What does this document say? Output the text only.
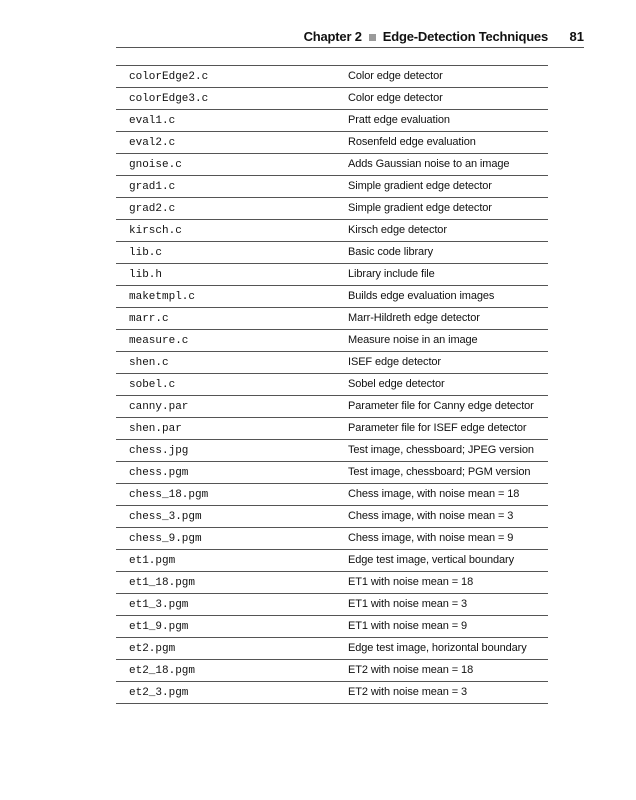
Chapter 2 Edge-Detection Techniques 81
colorEdge2.c	Color edge detector
colorEdge3.c	Color edge detector
eval1.c	Pratt edge evaluation
eval2.c	Rosenfeld edge evaluation
gnoise.c	Adds Gaussian noise to an image
grad1.c	Simple gradient edge detector
grad2.c	Simple gradient edge detector
kirsch.c	Kirsch edge detector
lib.c	Basic code library
lib.h	Library include file
maketmpl.c	Builds edge evaluation images
marr.c	Marr-Hildreth edge detector
measure.c	Measure noise in an image
shen.c	ISEF edge detector
sobel.c	Sobel edge detector
canny.par	Parameter file for Canny edge detector
shen.par	Parameter file for ISEF edge detector
chess.jpg	Test image, chessboard; JPEG version
chess.pgm	Test image, chessboard; PGM version
chess_18.pgm	Chess image, with noise mean = 18
chess_3.pgm	Chess image, with noise mean = 3
chess_9.pgm	Chess image, with noise mean = 9
et1.pgm	Edge test image, vertical boundary
et1_18.pgm	ET1 with noise mean = 18
et1_3.pgm	ET1 with noise mean = 3
et1_9.pgm	ET1 with noise mean = 9
et2.pgm	Edge test image, horizontal boundary
et2_18.pgm	ET2 with noise mean = 18
et2_3.pgm	ET2 with noise mean = 3
